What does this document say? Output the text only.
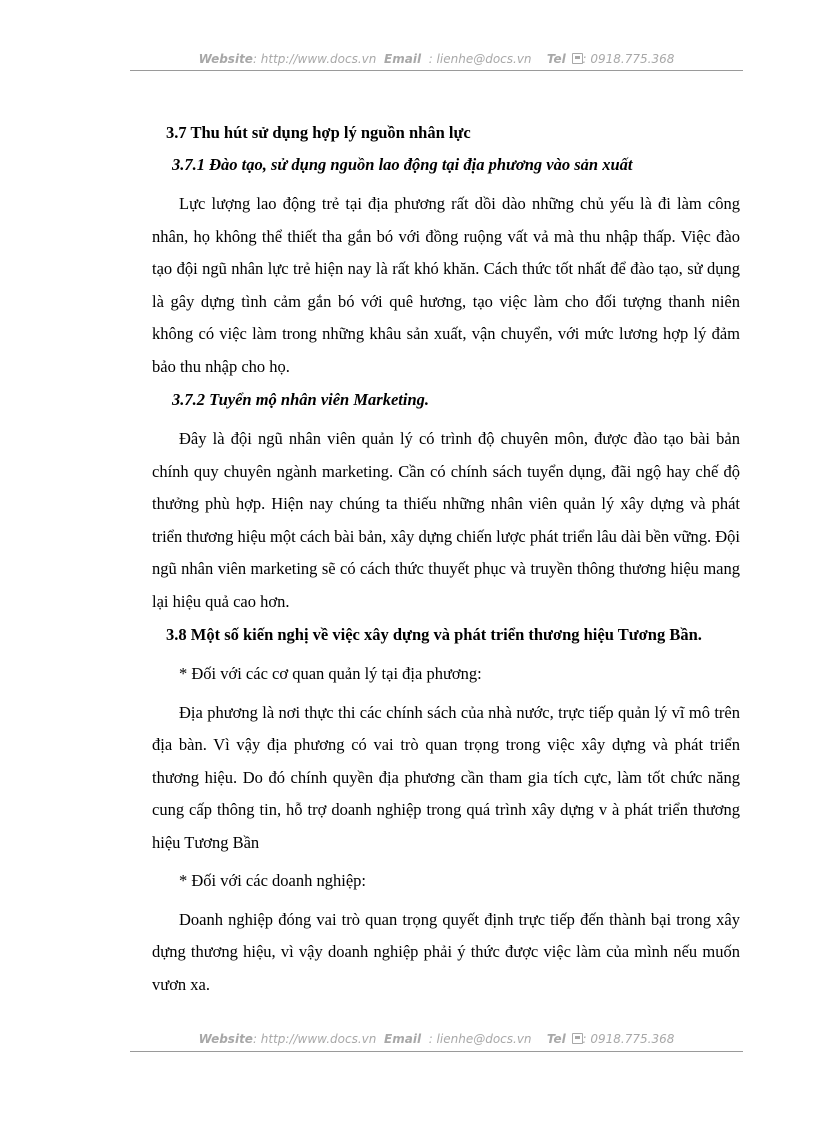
Website: http://www.docs.vn Email : lienhe@docs.vn Tel : 0918.775.368

3.7 Thu hút sử dụng hợp lý nguồn nhân lực

3.7.1 Đào tạo, sử dụng nguồn lao động tại địa phương vào sản xuất

Lực lượng lao động trẻ tại địa phương rất dồi dào những chủ yếu là đi làm công nhân, họ không thể thiết tha gắn bó với đồng ruộng vất vả mà thu nhập thấp. Việc đào tạo đội ngũ nhân lực trẻ hiện nay là rất khó khăn. Cách thức tốt nhất để đào tạo, sử dụng là gây dựng tình cảm gắn bó với quê hương, tạo việc làm cho đối tượng thanh niên không có việc làm trong những khâu sản xuất, vận chuyển, với mức lương hợp lý đảm bảo thu nhập cho họ.

3.7.2 Tuyển mộ nhân viên Marketing.

Đây là đội ngũ nhân viên quản lý có trình độ chuyên môn, được đào tạo bài bản chính quy chuyên ngành marketing. Cần có chính sách tuyển dụng, đãi ngộ hay chế độ thưởng phù hợp. Hiện nay chúng ta thiếu những nhân viên quản lý xây dựng và phát triển thương hiệu một cách bài bản, xây dựng chiến lược phát triển lâu dài bền vững. Đội ngũ nhân viên marketing sẽ có cách thức thuyết phục và truyền thông thương hiệu mang lại hiệu quả cao hơn.

3.8 Một số kiến nghị về việc xây dựng và phát triển thương hiệu Tương Bần.

* Đối với các cơ quan quản lý tại địa phương:

Địa phương là nơi thực thi các chính sách của nhà nước, trực tiếp quản lý vĩ mô trên địa bàn. Vì vậy địa phương có vai trò quan trọng trong việc xây dựng và phát triển thương hiệu. Do đó chính quyền địa phương cần tham gia tích cực, làm tốt chức năng cung cấp thông tin, hỗ trợ doanh nghiệp trong quá trình xây dựng v à phát triển thương hiệu Tương Bần

* Đối với các doanh nghiệp:

Doanh nghiệp đóng vai trò quan trọng quyết định trực tiếp đến thành bại trong xây dựng thương hiệu, vì vậy doanh nghiệp phải ý thức được việc làm của mình nếu muốn vươn xa.

Website: http://www.docs.vn Email : lienhe@docs.vn Tel : 0918.775.368
